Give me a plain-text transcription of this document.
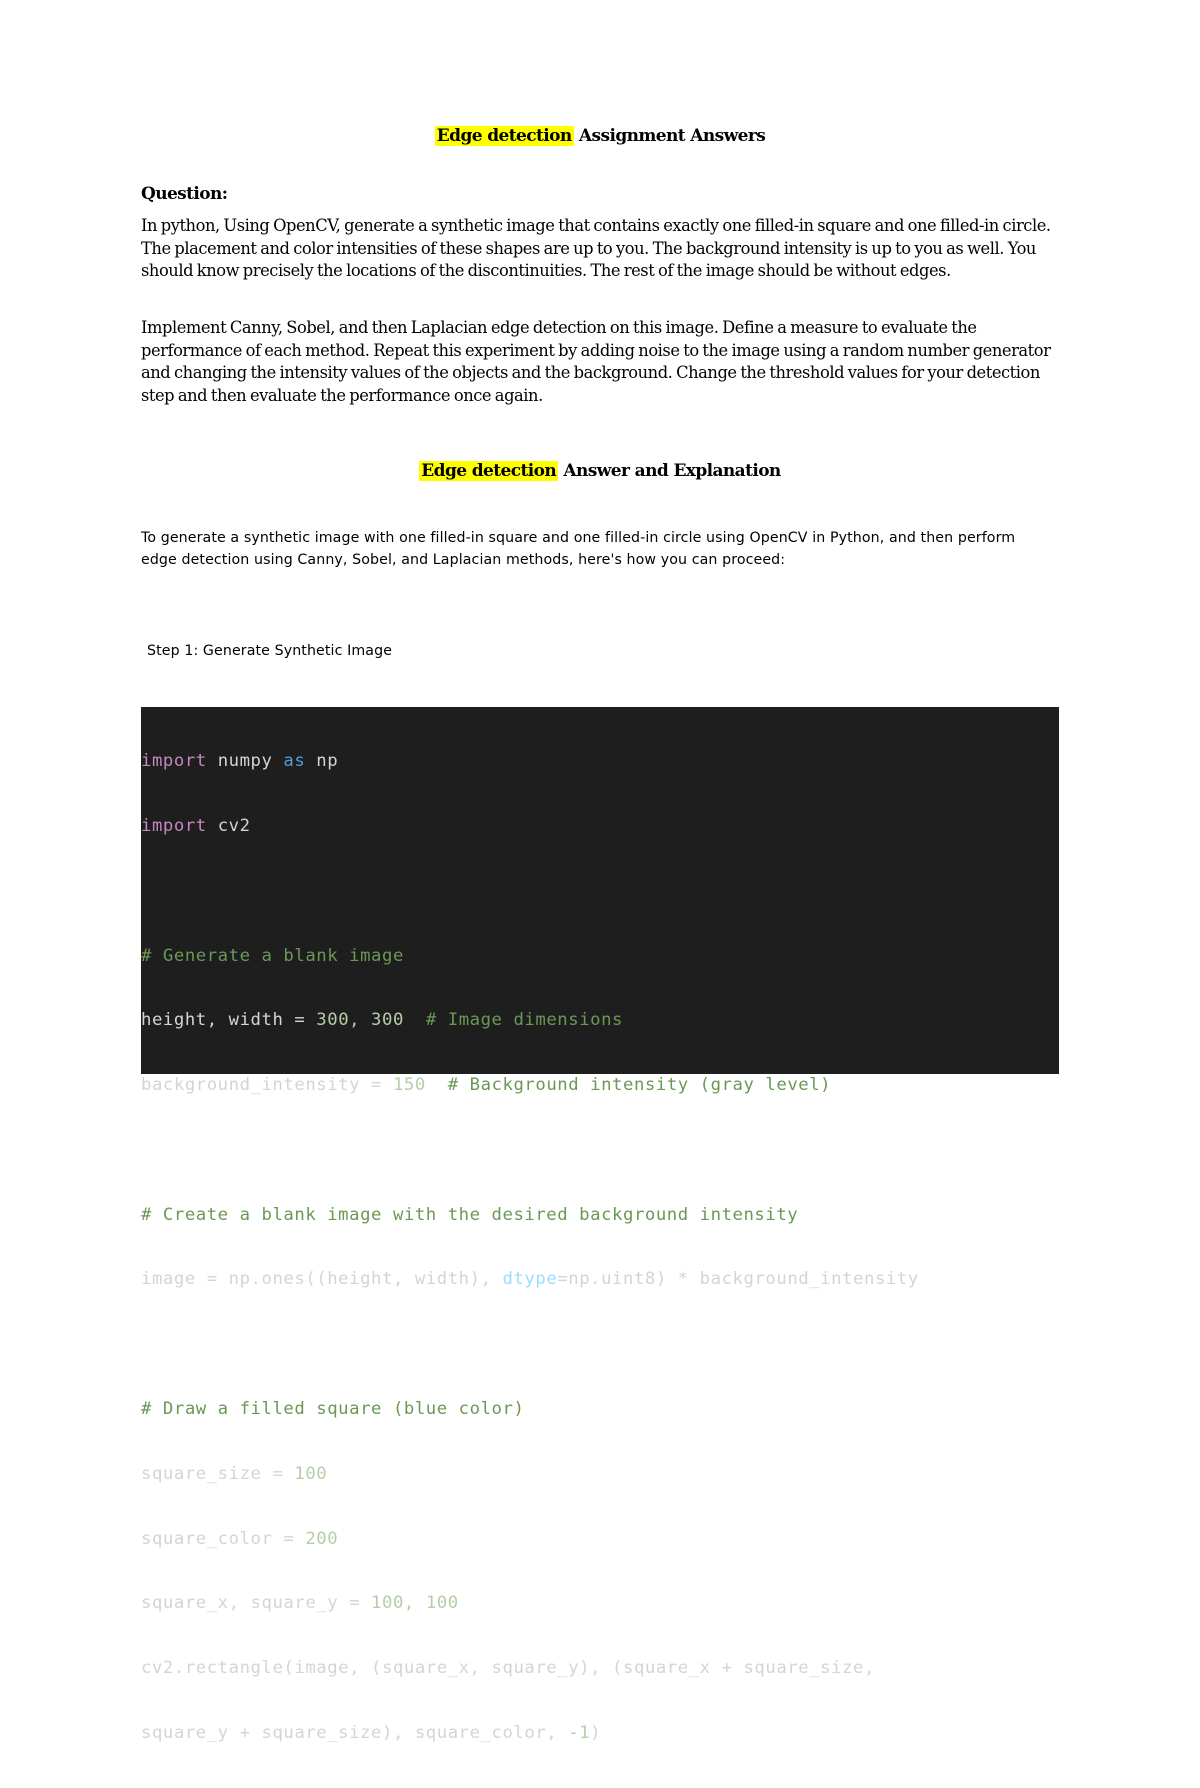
Edge detection Assignment Answers
Question:
In python, Using OpenCV, generate a synthetic image that contains exactly one filled-in square and one filled-in circle. The placement and color intensities of these shapes are up to you. The background intensity is up to you as well. You should know precisely the locations of the discontinuities. The rest of the image should be without edges.
Implement Canny, Sobel, and then Laplacian edge detection on this image. Define a measure to evaluate the performance of each method. Repeat this experiment by adding noise to the image using a random number generator and changing the intensity values of the objects and the background. Change the threshold values for your detection step and then evaluate the performance once again.
Edge detection Answer and Explanation
To generate a synthetic image with one filled-in square and one filled-in circle using OpenCV in Python, and then perform edge detection using Canny, Sobel, and Laplacian methods, here's how you can proceed:
Step 1: Generate Synthetic Image

import numpy as np

import cv2

# Generate a blank image

height, width = 300, 300  # Image dimensions

background_intensity = 150  # Background intensity (gray level)

# Create a blank image with the desired background intensity

image = np.ones((height, width), dtype=np.uint8) * background_intensity

# Draw a filled square (blue color)

square_size = 100

square_color = 200

square_x, square_y = 100, 100

cv2.rectangle(image, (square_x, square_y), (square_x + square_size,

square_y + square_size), square_color, -1)
